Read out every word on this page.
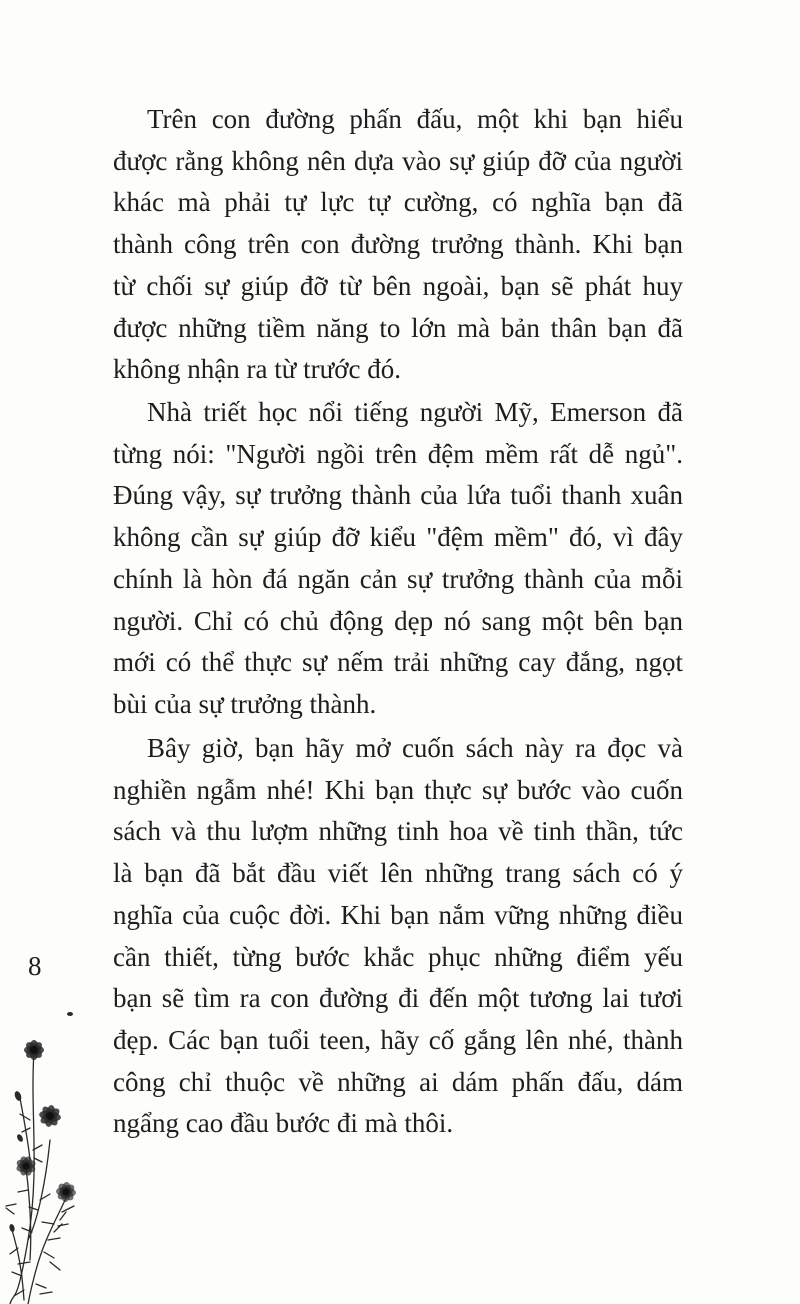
Trên con đường phấn đấu, một khi bạn hiểu
được rằng không nên dựa vào sự giúp đỡ của người
khác mà phải tự lực tự cường, có nghĩa bạn đã
thành công trên con đường trưởng thành. Khi bạn
từ chối sự giúp đỡ từ bên ngoài, bạn sẽ phát huy
được những tiềm năng to lớn mà bản thân bạn đã
không nhận ra từ trước đó.
Nhà triết học nổi tiếng người Mỹ, Emerson đã
từng nói: "Người ngồi trên đệm mềm rất dễ ngủ".
Đúng vậy, sự trưởng thành của lứa tuổi thanh xuân
không cần sự giúp đỡ kiểu "đệm mềm" đó, vì đây
chính là hòn đá ngăn cản sự trưởng thành của mỗi
người. Chỉ có chủ động dẹp nó sang một bên bạn
mới có thể thực sự nếm trải những cay đắng, ngọt
bùi của sự trưởng thành.
Bây giờ, bạn hãy mở cuốn sách này ra đọc và
nghiền ngẫm nhé! Khi bạn thực sự bước vào cuốn
sách và thu lượm những tinh hoa về tinh thần, tức
là bạn đã bắt đầu viết lên những trang sách có ý
nghĩa của cuộc đời. Khi bạn nắm vững những điều
cần thiết, từng bước khắc phục những điểm yếu
bạn sẽ tìm ra con đường đi đến một tương lai tươi
đẹp. Các bạn tuổi teen, hãy cố gắng lên nhé, thành
công chỉ thuộc về những ai dám phấn đấu, dám
ngẩng cao đầu bước đi mà thôi.
8
